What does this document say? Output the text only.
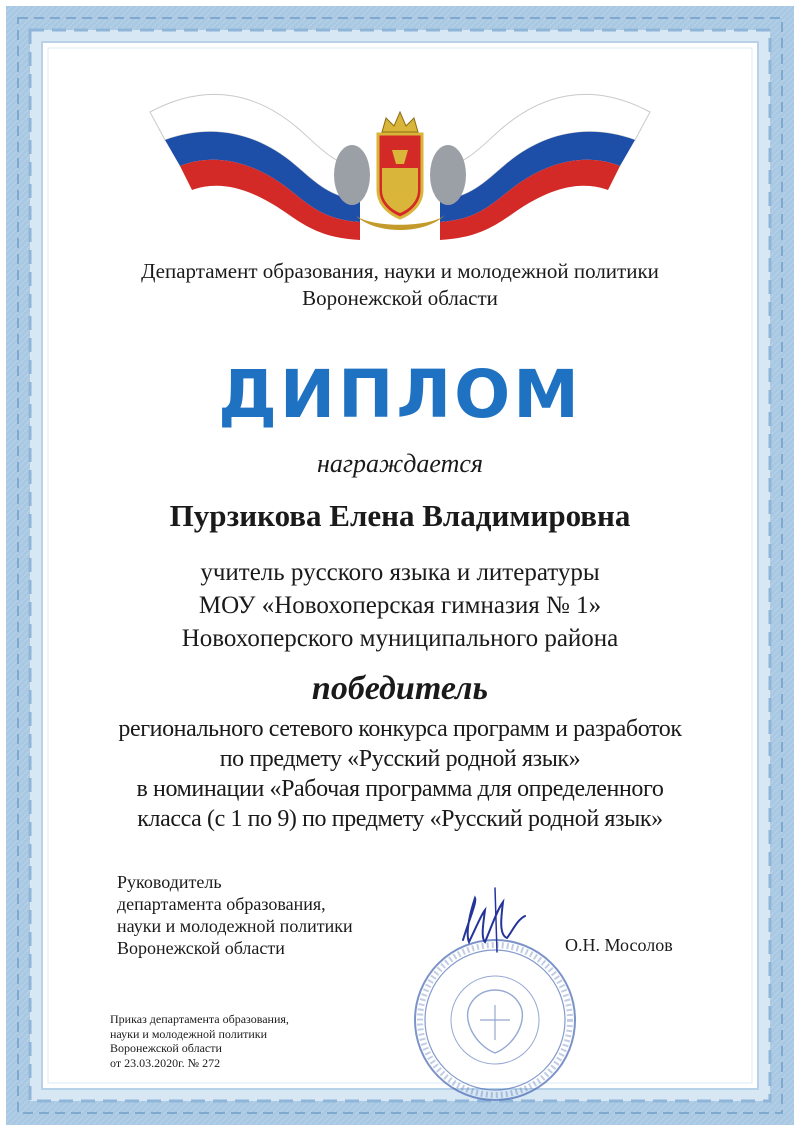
Департамент образования, науки и молодежной политики
Воронежской области
ДИПЛОМ
награждается
Пурзикова Елена Владимировна
учитель русского языка и литературы
МОУ «Новохоперская гимназия № 1»
Новохоперского муниципального района
победитель
регионального сетевого конкурса программ и разработок
по предмету «Русский родной язык»
в номинации «Рабочая программа для определенного
класса (с 1 по 9) по предмету «Русский родной язык»
Руководитель
департамента образования,
науки и молодежной политики
Воронежской области	О.Н. Мосолов
Приказ департамента образования,
науки и молодежной политики
Воронежской области
от 23.03.2020г. № 272
